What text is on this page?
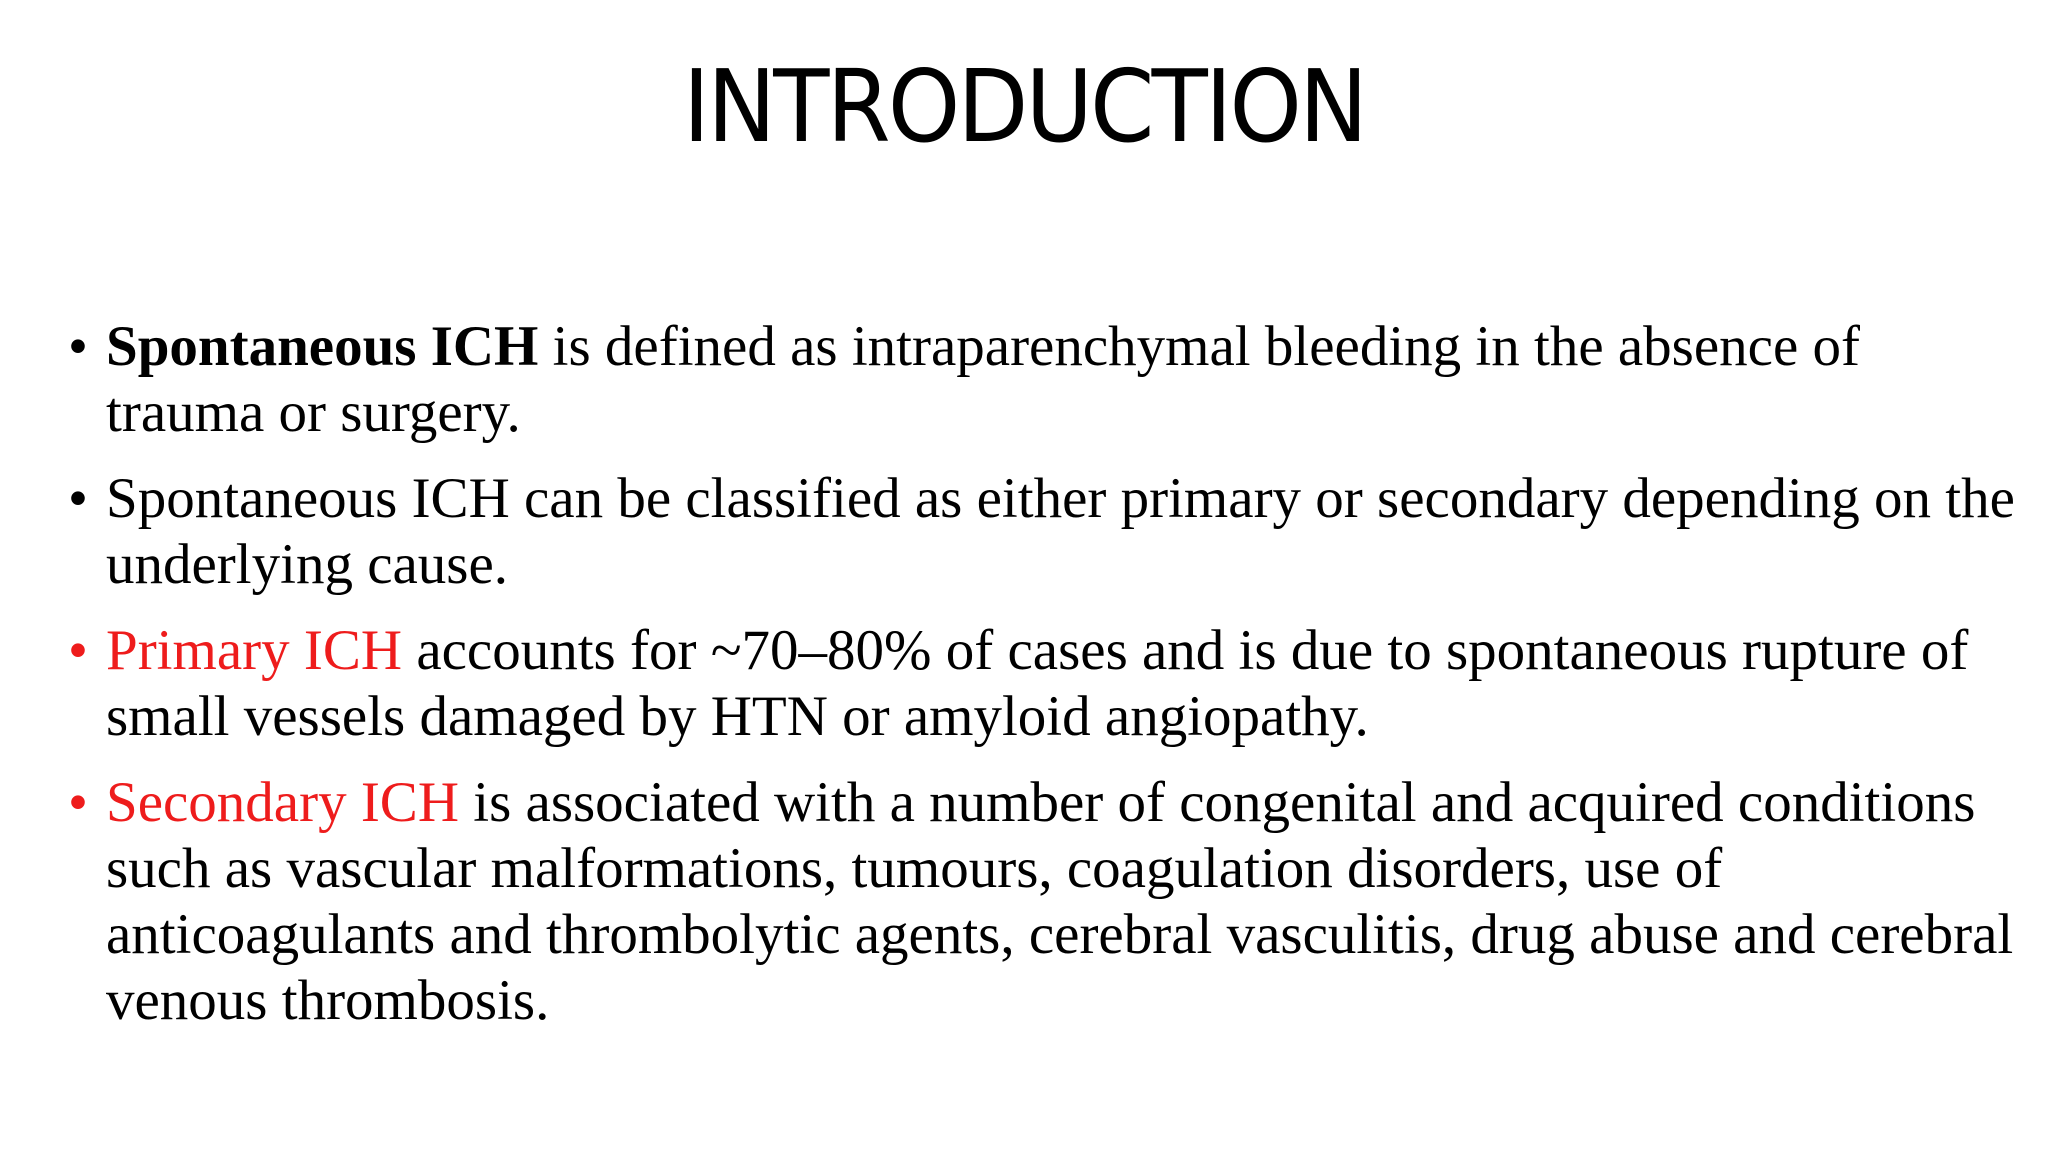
INTRODUCTION
• Spontaneous ICH is defined as intraparenchymal bleeding in the absence of trauma or surgery.
• Spontaneous ICH can be classified as either primary or secondary depending on the underlying cause.
• Primary ICH accounts for ~70–80% of cases and is due to spontaneous rupture of small vessels damaged by HTN or amyloid angiopathy.
• Secondary ICH is associated with a number of congenital and acquired conditions such as vascular malformations, tumours, coagulation disorders, use of anticoagulants and thrombolytic agents, cerebral vasculitis, drug abuse and cerebral venous thrombosis.
